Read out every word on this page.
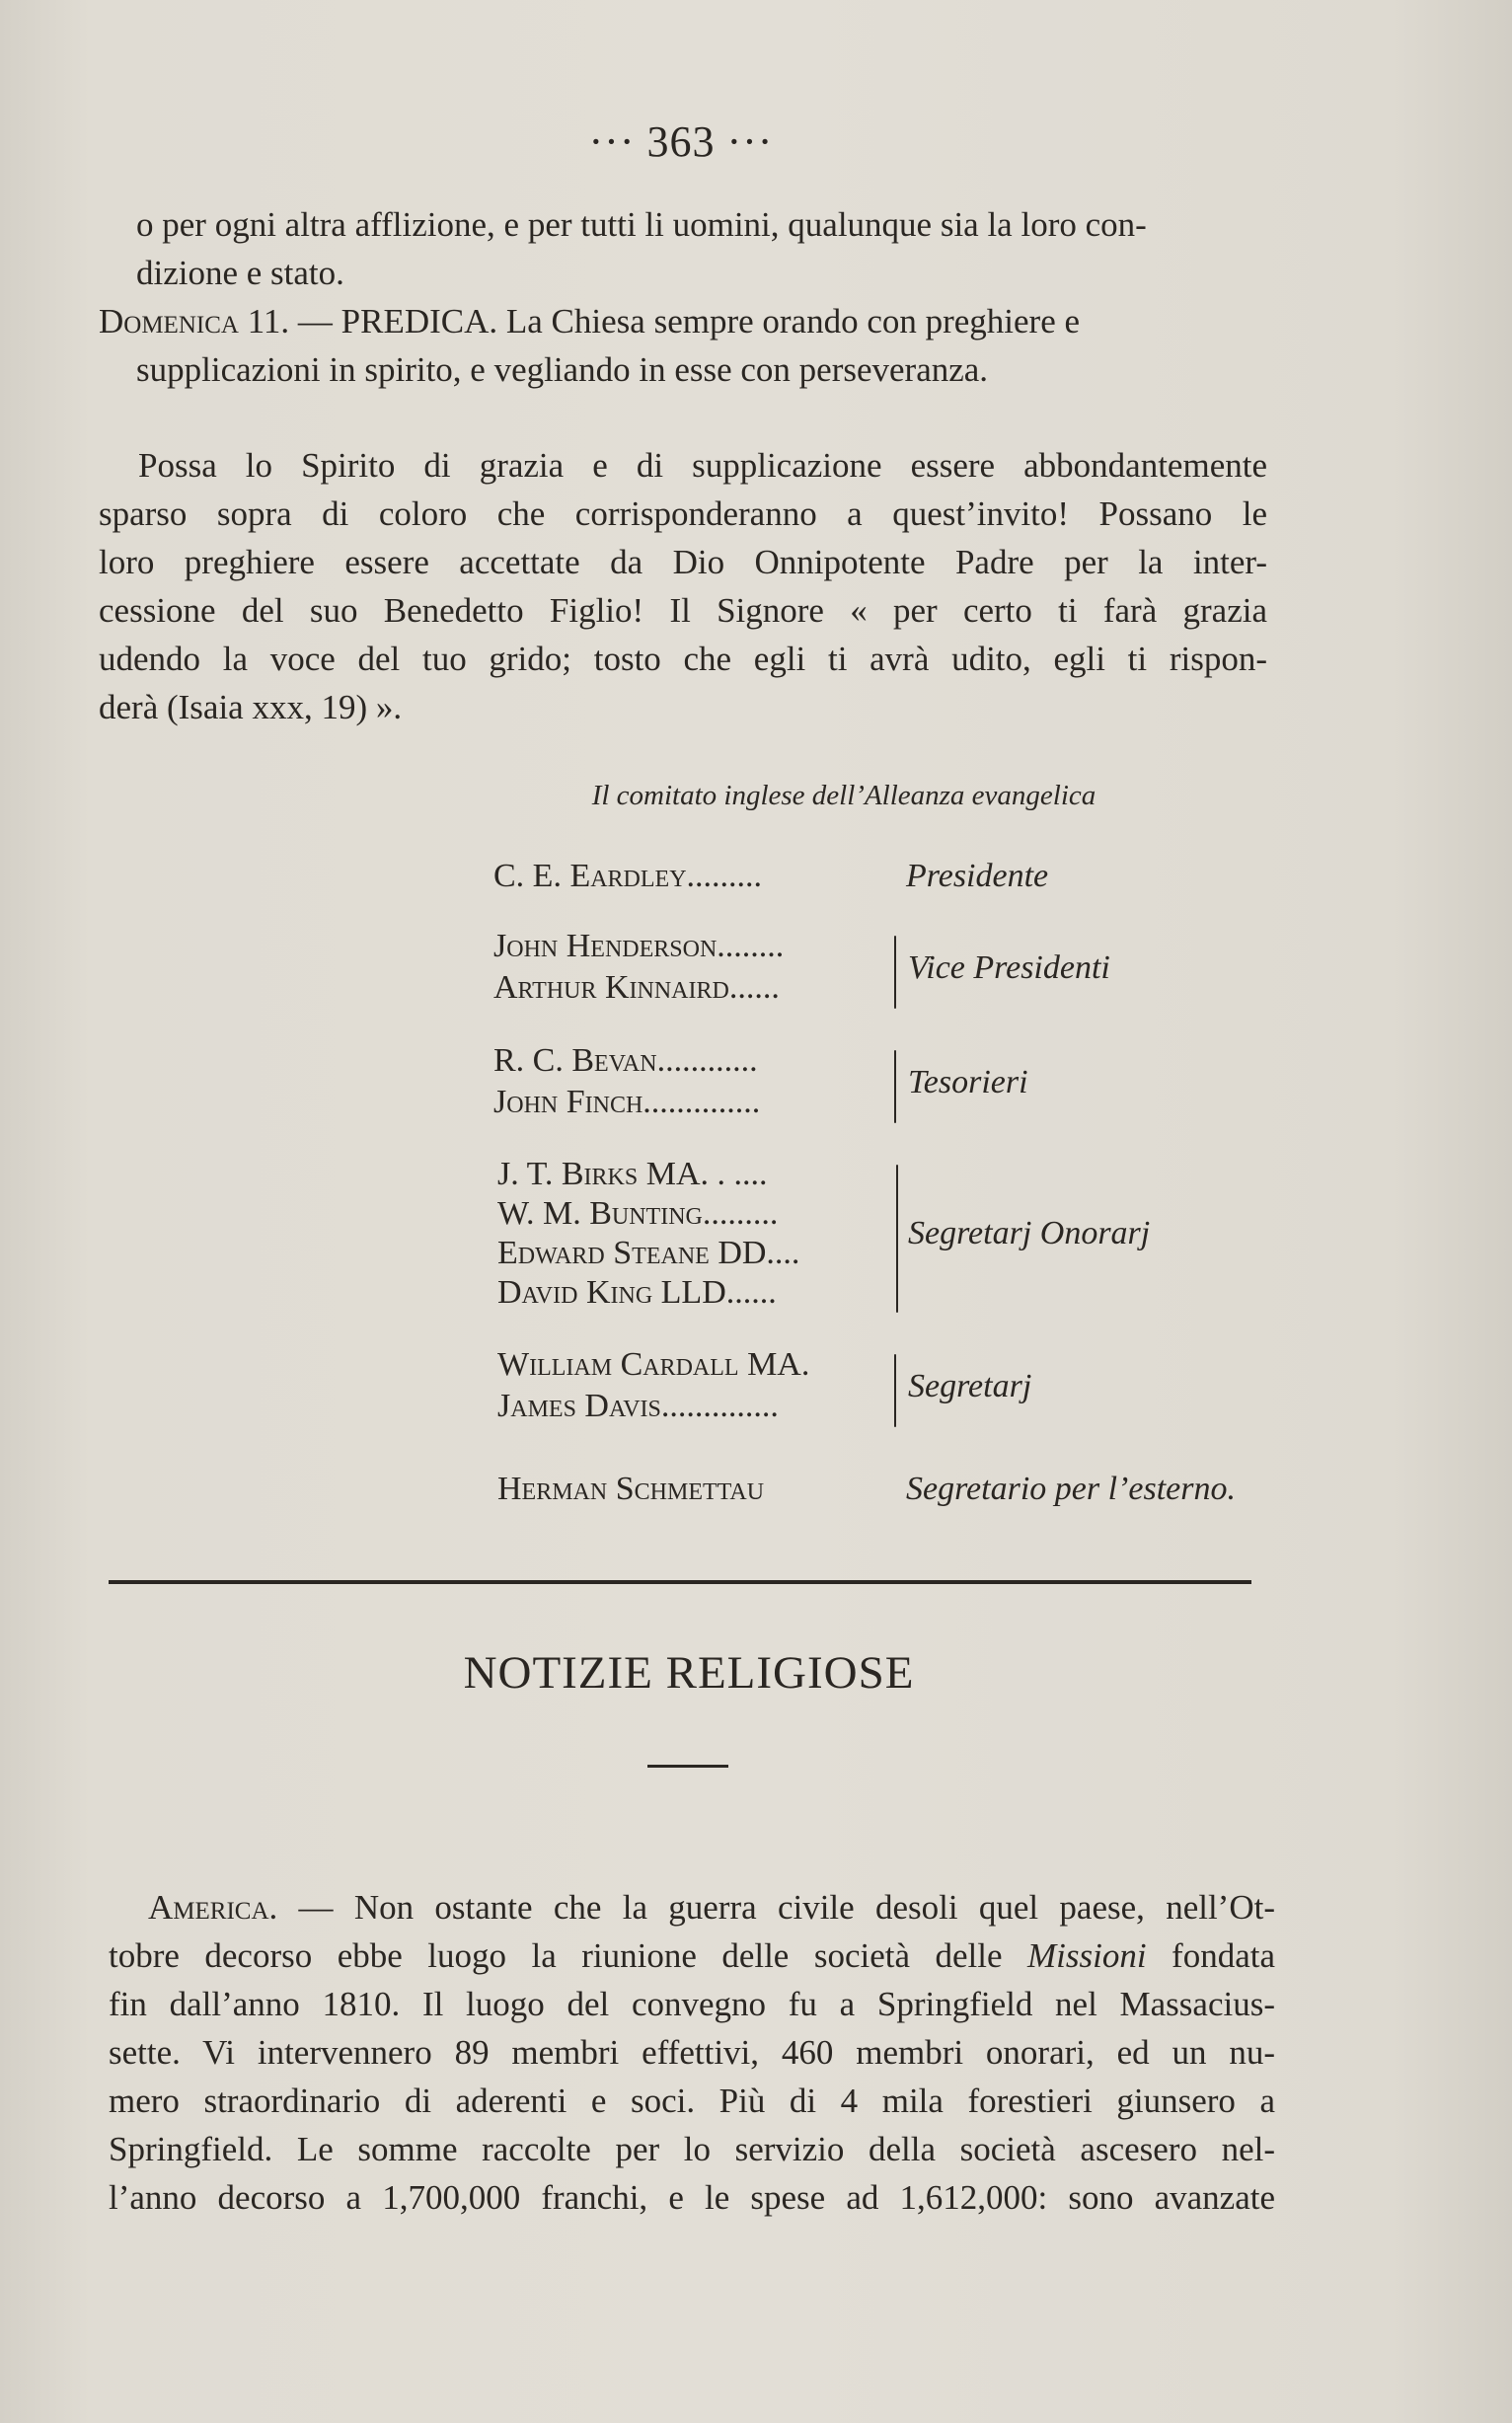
··· 363 ···
o per ogni altra afflizione, e per tutti li uomini, qualunque sia la loro con-
dizione e stato.
Domenica 11. — PREDICA. La Chiesa sempre orando con preghiere e
supplicazioni in spirito, e vegliando in esse con perseveranza.
Possa lo Spirito di grazia e di supplicazione essere abbondantemente
sparso sopra di coloro che corrisponderanno a quest’invito! Possano le
loro preghiere essere accettate da Dio Onnipotente Padre per la inter-
cessione del suo Benedetto Figlio! Il Signore « per certo ti farà grazia
udendo la voce del tuo grido; tosto che egli ti avrà udito, egli ti rispon-
derà (Isaia xxx, 19) ».
Il comitato inglese dell’Alleanza evangelica
C. E. Eardley.........	Presidente
John Henderson........
Arthur Kinnaird......
Vice Presidenti
R. C. Bevan............
John Finch..............
Tesorieri
J. T. Birks MA. . ....
W. M. Bunting.........
Edward Steane DD....
David King LLD......
Segretarj Onorarj
William Cardall MA.
James Davis..............
Segretarj
Herman Schmettau	Segretario per l’esterno.
NOTIZIE RELIGIOSE
America. — Non ostante che la guerra civile desoli quel paese, nell’Ot-
tobre decorso ebbe luogo la riunione delle società delle Missioni fondata
fin dall’anno 1810. Il luogo del convegno fu a Springfield nel Massacius-
sette. Vi intervennero 89 membri effettivi, 460 membri onorari, ed un nu-
mero straordinario di aderenti e soci. Più di 4 mila forestieri giunsero a
Springfield. Le somme raccolte per lo servizio della società ascesero nel-
l’anno decorso a 1,700,000 franchi, e le spese ad 1,612,000: sono avanzate
